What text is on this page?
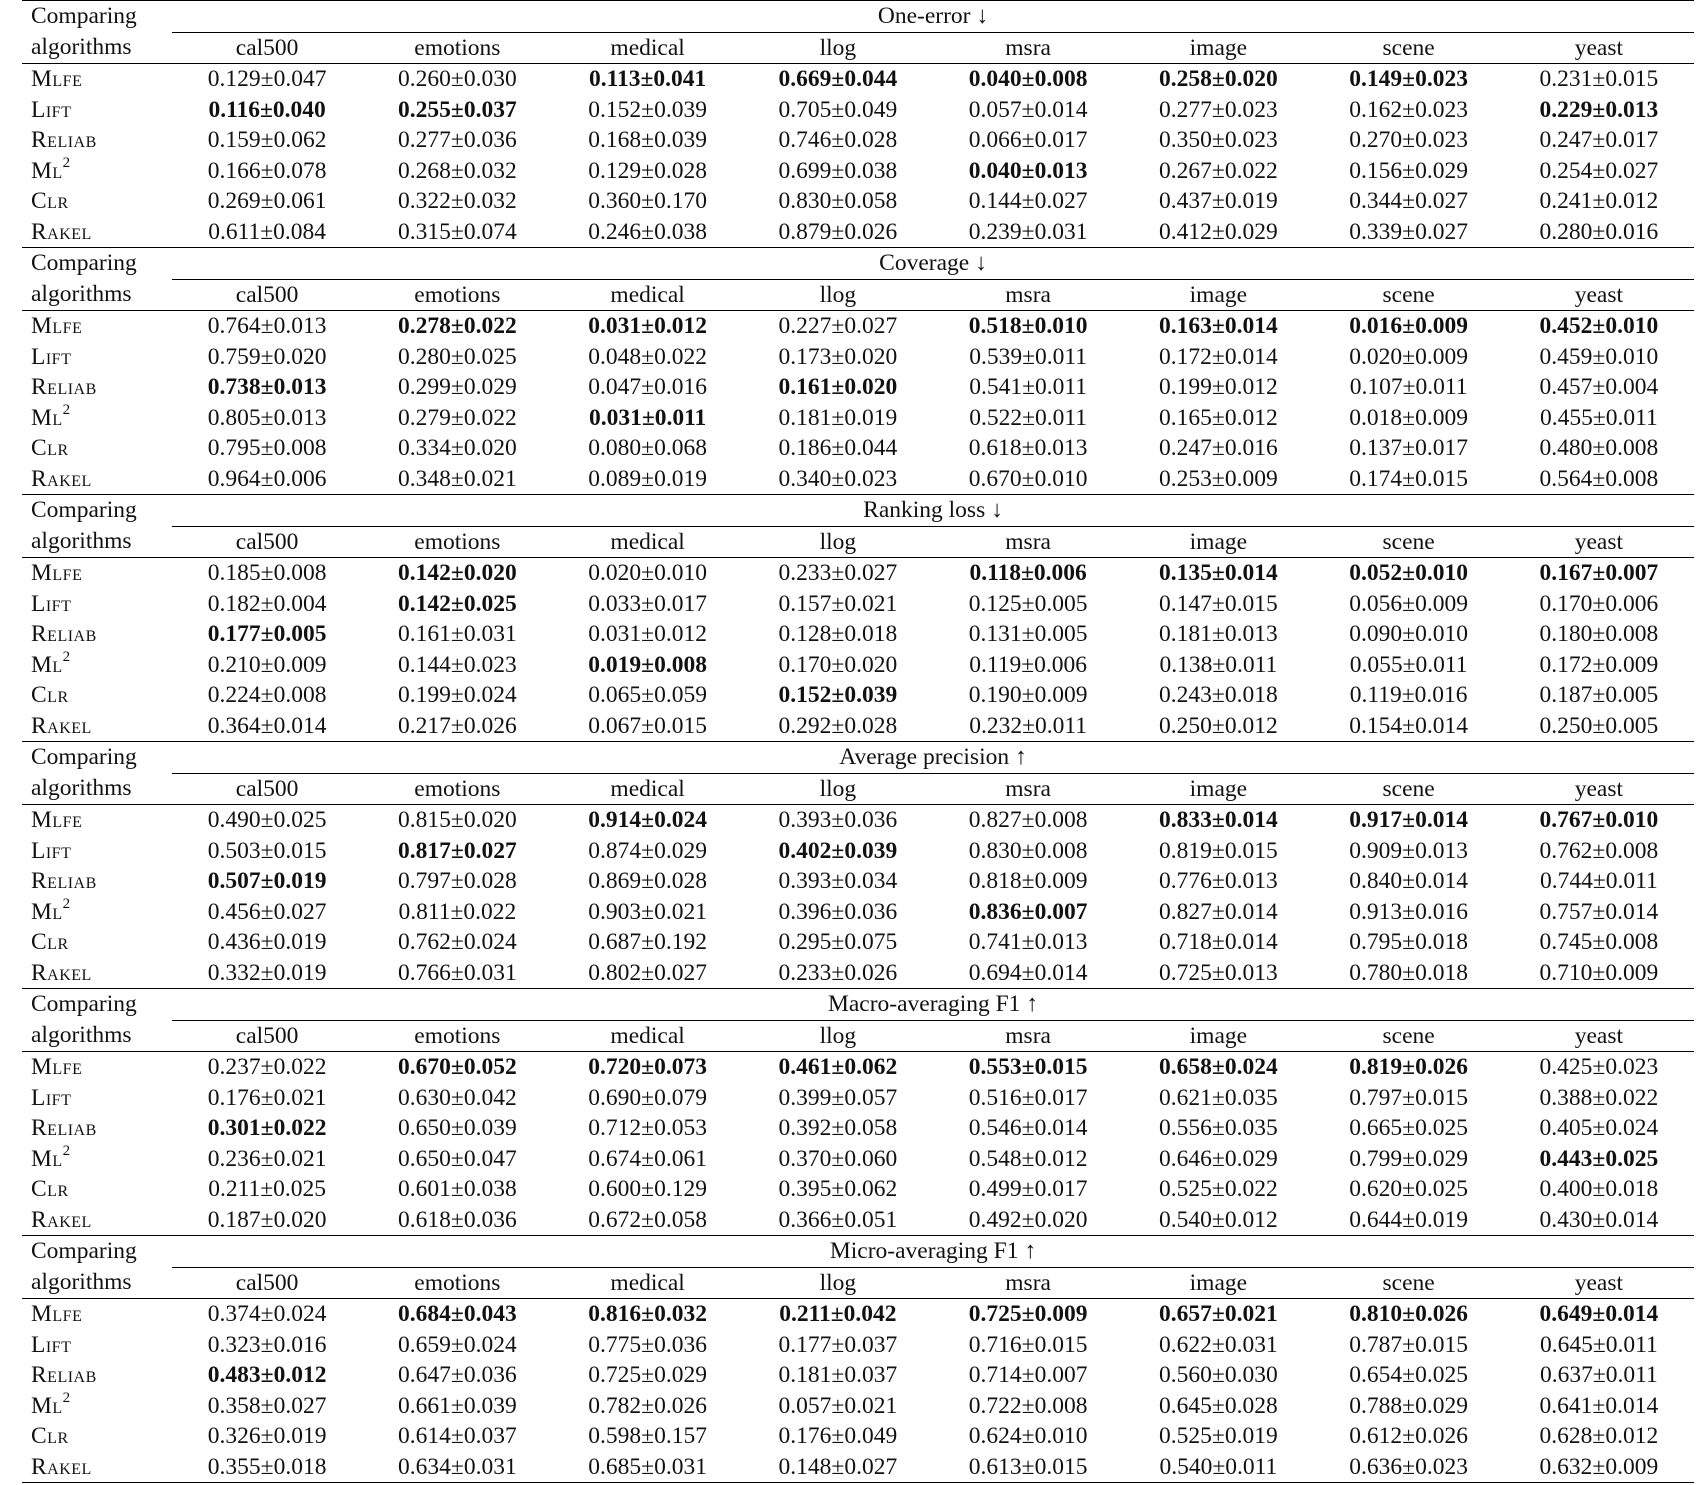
Comparing	One-error ↓							
algorithms	cal500	emotions	medical	llog	msra	image	scene	yeast
Mlfe	0.129±0.047	0.260±0.030	0.113±0.041	0.669±0.044	0.040±0.008	0.258±0.020	0.149±0.023	0.231±0.015
Lift	0.116±0.040	0.255±0.037	0.152±0.039	0.705±0.049	0.057±0.014	0.277±0.023	0.162±0.023	0.229±0.013
Reliab	0.159±0.062	0.277±0.036	0.168±0.039	0.746±0.028	0.066±0.017	0.350±0.023	0.270±0.023	0.247±0.017
Ml$^2$	0.166±0.078	0.268±0.032	0.129±0.028	0.699±0.038	0.040±0.013	0.267±0.022	0.156±0.029	0.254±0.027
Clr	0.269±0.061	0.322±0.032	0.360±0.170	0.830±0.058	0.144±0.027	0.437±0.019	0.344±0.027	0.241±0.012
Rakel	0.611±0.084	0.315±0.074	0.246±0.038	0.879±0.026	0.239±0.031	0.412±0.029	0.339±0.027	0.280±0.016
Comparing	Coverage ↓							
algorithms	cal500	emotions	medical	llog	msra	image	scene	yeast
Mlfe	0.764±0.013	0.278±0.022	0.031±0.012	0.227±0.027	0.518±0.010	0.163±0.014	0.016±0.009	0.452±0.010
Lift	0.759±0.020	0.280±0.025	0.048±0.022	0.173±0.020	0.539±0.011	0.172±0.014	0.020±0.009	0.459±0.010
Reliab	0.738±0.013	0.299±0.029	0.047±0.016	0.161±0.020	0.541±0.011	0.199±0.012	0.107±0.011	0.457±0.004
Ml$^2$	0.805±0.013	0.279±0.022	0.031±0.011	0.181±0.019	0.522±0.011	0.165±0.012	0.018±0.009	0.455±0.011
Clr	0.795±0.008	0.334±0.020	0.080±0.068	0.186±0.044	0.618±0.013	0.247±0.016	0.137±0.017	0.480±0.008
Rakel	0.964±0.006	0.348±0.021	0.089±0.019	0.340±0.023	0.670±0.010	0.253±0.009	0.174±0.015	0.564±0.008
Comparing	Ranking loss ↓							
algorithms	cal500	emotions	medical	llog	msra	image	scene	yeast
Mlfe	0.185±0.008	0.142±0.020	0.020±0.010	0.233±0.027	0.118±0.006	0.135±0.014	0.052±0.010	0.167±0.007
Lift	0.182±0.004	0.142±0.025	0.033±0.017	0.157±0.021	0.125±0.005	0.147±0.015	0.056±0.009	0.170±0.006
Reliab	0.177±0.005	0.161±0.031	0.031±0.012	0.128±0.018	0.131±0.005	0.181±0.013	0.090±0.010	0.180±0.008
Ml$^2$	0.210±0.009	0.144±0.023	0.019±0.008	0.170±0.020	0.119±0.006	0.138±0.011	0.055±0.011	0.172±0.009
Clr	0.224±0.008	0.199±0.024	0.065±0.059	0.152±0.039	0.190±0.009	0.243±0.018	0.119±0.016	0.187±0.005
Rakel	0.364±0.014	0.217±0.026	0.067±0.015	0.292±0.028	0.232±0.011	0.250±0.012	0.154±0.014	0.250±0.005
Comparing	Average precision ↑							
algorithms	cal500	emotions	medical	llog	msra	image	scene	yeast
Mlfe	0.490±0.025	0.815±0.020	0.914±0.024	0.393±0.036	0.827±0.008	0.833±0.014	0.917±0.014	0.767±0.010
Lift	0.503±0.015	0.817±0.027	0.874±0.029	0.402±0.039	0.830±0.008	0.819±0.015	0.909±0.013	0.762±0.008
Reliab	0.507±0.019	0.797±0.028	0.869±0.028	0.393±0.034	0.818±0.009	0.776±0.013	0.840±0.014	0.744±0.011
Ml$^2$	0.456±0.027	0.811±0.022	0.903±0.021	0.396±0.036	0.836±0.007	0.827±0.014	0.913±0.016	0.757±0.014
Clr	0.436±0.019	0.762±0.024	0.687±0.192	0.295±0.075	0.741±0.013	0.718±0.014	0.795±0.018	0.745±0.008
Rakel	0.332±0.019	0.766±0.031	0.802±0.027	0.233±0.026	0.694±0.014	0.725±0.013	0.780±0.018	0.710±0.009
Comparing	Macro-averaging F1 ↑							
algorithms	cal500	emotions	medical	llog	msra	image	scene	yeast
Mlfe	0.237±0.022	0.670±0.052	0.720±0.073	0.461±0.062	0.553±0.015	0.658±0.024	0.819±0.026	0.425±0.023
Lift	0.176±0.021	0.630±0.042	0.690±0.079	0.399±0.057	0.516±0.017	0.621±0.035	0.797±0.015	0.388±0.022
Reliab	0.301±0.022	0.650±0.039	0.712±0.053	0.392±0.058	0.546±0.014	0.556±0.035	0.665±0.025	0.405±0.024
Ml$^2$	0.236±0.021	0.650±0.047	0.674±0.061	0.370±0.060	0.548±0.012	0.646±0.029	0.799±0.029	0.443±0.025
Clr	0.211±0.025	0.601±0.038	0.600±0.129	0.395±0.062	0.499±0.017	0.525±0.022	0.620±0.025	0.400±0.018
Rakel	0.187±0.020	0.618±0.036	0.672±0.058	0.366±0.051	0.492±0.020	0.540±0.012	0.644±0.019	0.430±0.014
Comparing	Micro-averaging F1 ↑							
algorithms	cal500	emotions	medical	llog	msra	image	scene	yeast
Mlfe	0.374±0.024	0.684±0.043	0.816±0.032	0.211±0.042	0.725±0.009	0.657±0.021	0.810±0.026	0.649±0.014
Lift	0.323±0.016	0.659±0.024	0.775±0.036	0.177±0.037	0.716±0.015	0.622±0.031	0.787±0.015	0.645±0.011
Reliab	0.483±0.012	0.647±0.036	0.725±0.029	0.181±0.037	0.714±0.007	0.560±0.030	0.654±0.025	0.637±0.011
Ml$^2$	0.358±0.027	0.661±0.039	0.782±0.026	0.057±0.021	0.722±0.008	0.645±0.028	0.788±0.029	0.641±0.014
Clr	0.326±0.019	0.614±0.037	0.598±0.157	0.176±0.049	0.624±0.010	0.525±0.019	0.612±0.026	0.628±0.012
Rakel	0.355±0.018	0.634±0.031	0.685±0.031	0.148±0.027	0.613±0.015	0.540±0.011	0.636±0.023	0.632±0.009
